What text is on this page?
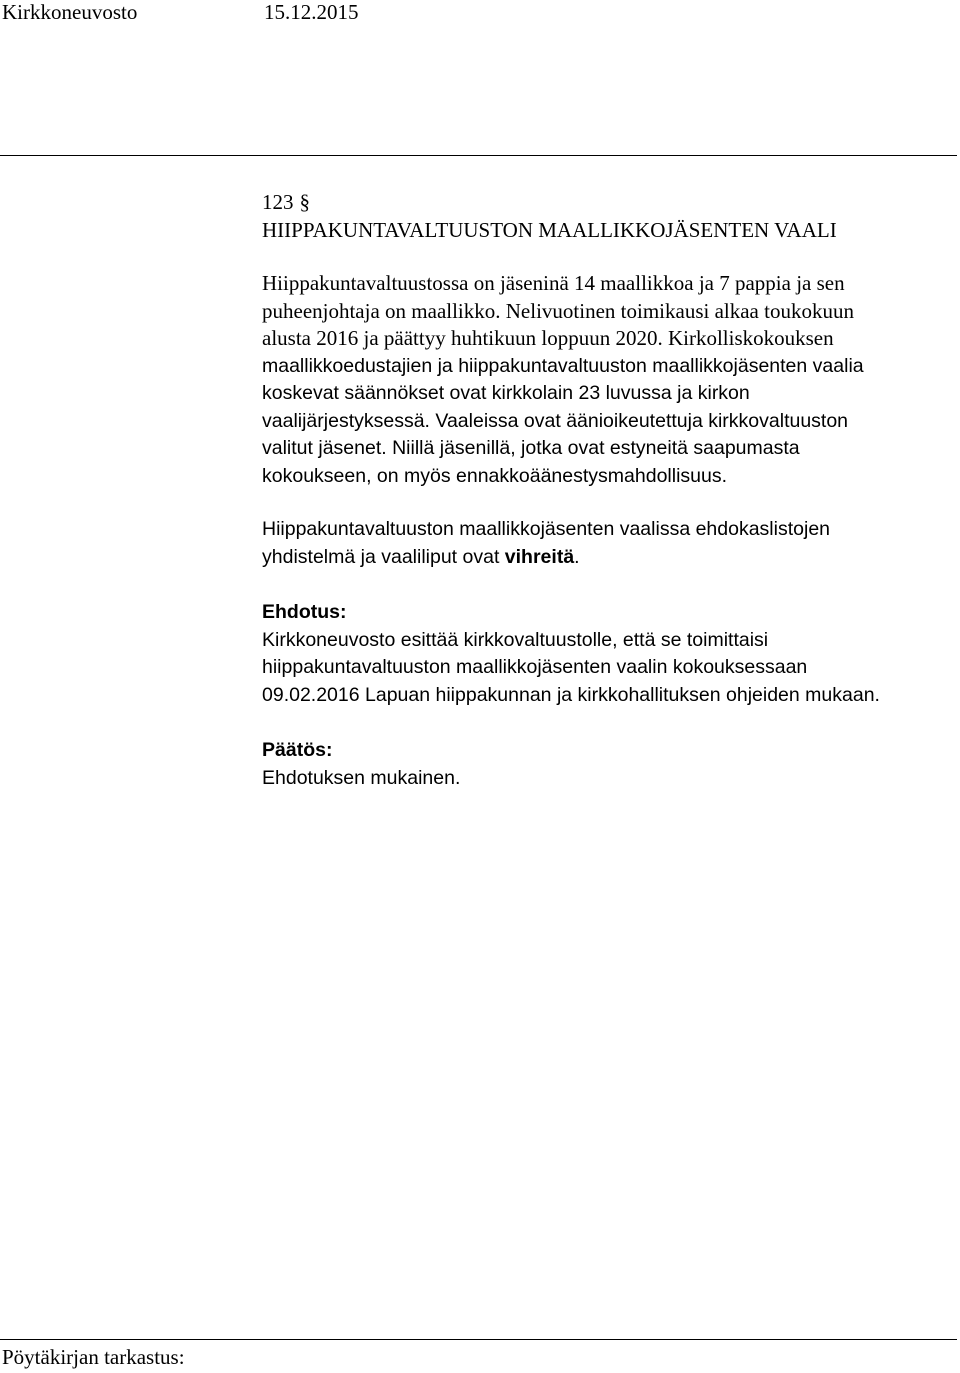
Kirkkoneuvosto	15.12.2015
123 §
HIIPPAKUNTAVALTUUSTON MAALLIKKOJÄSENTEN VAALI
Hiippakuntavaltuustossa on jäseninä 14 maallikkoa ja 7 pappia ja sen
puheenjohtaja on maallikko. Nelivuotinen toimikausi alkaa toukokuun
alusta 2016 ja päättyy huhtikuun loppuun 2020. Kirkolliskokouksen
maallikkoedustajien ja hiippakuntavaltuuston maallikkojäsenten vaalia
koskevat säännökset ovat kirkkolain 23 luvussa ja kirkon
vaalijärjestyksessä. Vaaleissa ovat äänioikeutettuja kirkkovaltuuston
valitut jäsenet. Niillä jäsenillä, jotka ovat estyneitä saapumasta
kokoukseen, on myös ennakkoäänestysmahdollisuus.
Hiippakuntavaltuuston maallikkojäsenten vaalissa ehdokaslistojen
yhdistelmä ja vaaliliput ovat vihreitä.
Ehdotus:
Kirkkoneuvosto esittää kirkkovaltuustolle, että se toimittaisi
hiippakuntavaltuuston maallikkojäsenten vaalin kokouksessaan
09.02.2016 Lapuan hiippakunnan ja kirkkohallituksen ohjeiden mukaan.
Päätös:
Ehdotuksen mukainen.
Pöytäkirjan tarkastus:
